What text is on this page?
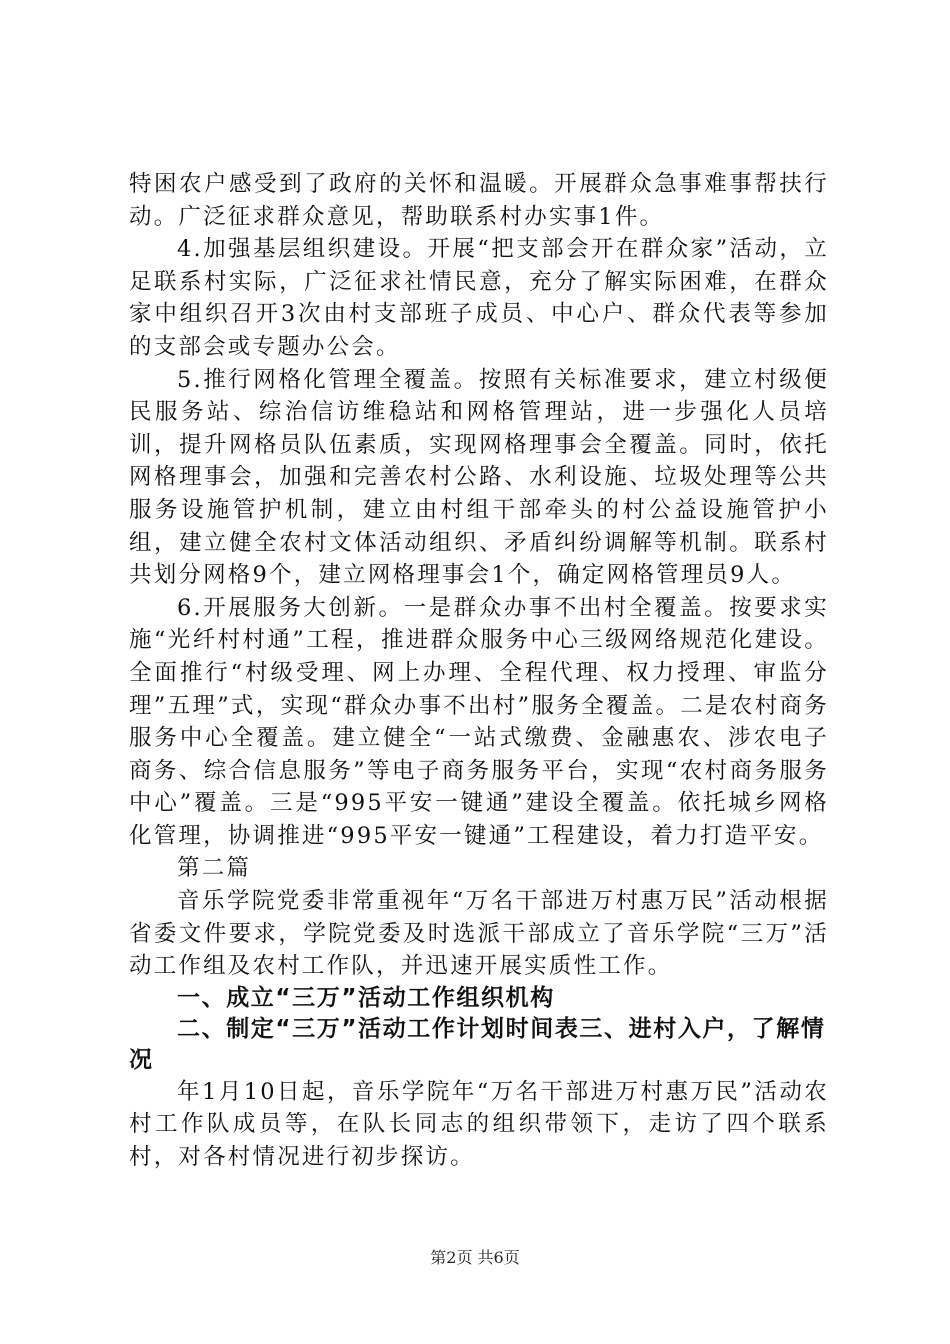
特困农户感受到了政府的关怀和温暖。开展群众急事难事帮扶行动。广泛征求群众意见，帮助联系村办实事1件。

4.加强基层组织建设。开展“把支部会开在群众家”活动，立足联系村实际，广泛征求社情民意，充分了解实际困难，在群众家中组织召开3次由村支部班子成员、中心户、群众代表等参加的支部会或专题办公会。

5.推行网格化管理全覆盖。按照有关标准要求，建立村级便民服务站、综治信访维稳站和网格管理站，进一步强化人员培训，提升网格员队伍素质，实现网格理事会全覆盖。同时，依托网格理事会，加强和完善农村公路、水利设施、垃圾处理等公共服务设施管护机制，建立由村组干部牵头的村公益设施管护小组，建立健全农村文体活动组织、矛盾纠纷调解等机制。联系村共划分网格9个，建立网格理事会1个，确定网格管理员9人。

6.开展服务大创新。一是群众办事不出村全覆盖。按要求实施“光纤村村通”工程，推进群众服务中心三级网络规范化建设。全面推行“村级受理、网上办理、全程代理、权力授理、审监分理”五理”式，实现“群众办事不出村”服务全覆盖。二是农村商务服务中心全覆盖。建立健全“一站式缴费、金融惠农、涉农电子商务、综合信息服务”等电子商务服务平台，实现“农村商务服务中心”覆盖。三是“995平安一键通”建设全覆盖。依托城乡网格化管理，协调推进“995平安一键通”工程建设，着力打造平安。

第二篇

音乐学院党委非常重视年“万名干部进万村惠万民”活动根据省委文件要求，学院党委及时选派干部成立了音乐学院“三万”活动工作组及农村工作队，并迅速开展实质性工作。

一、成立“三万”活动工作组织机构

二、制定“三万”活动工作计划时间表三、进村入户，了解情况

年1月10日起，音乐学院年“万名干部进万村惠万民”活动农村工作队成员等，在队长同志的组织带领下，走访了四个联系村，对各村情况进行初步探访。

第2页 共6页
